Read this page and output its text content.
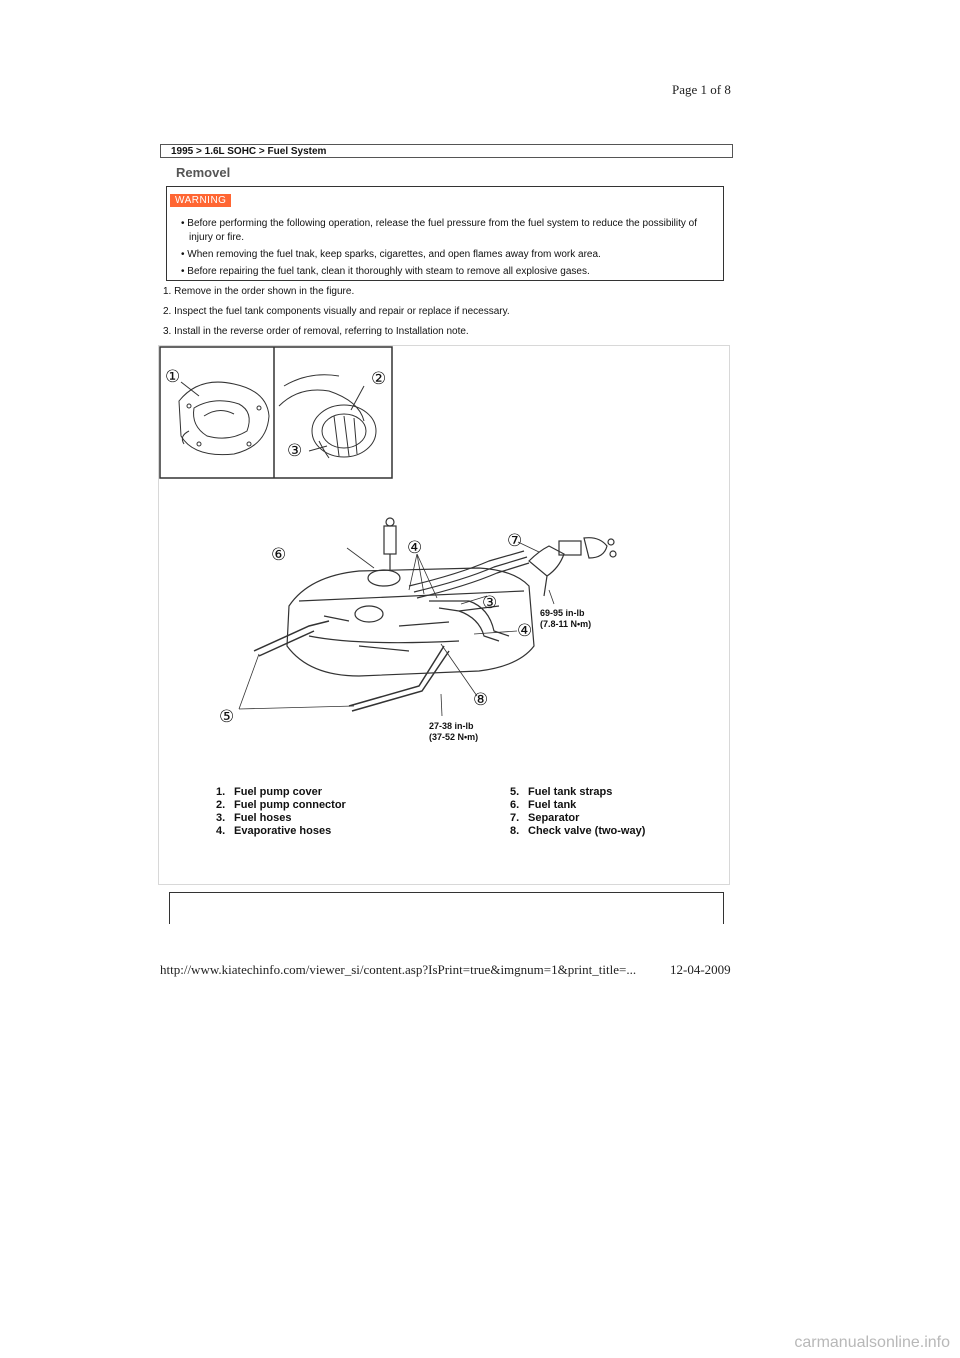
Page 1 of 8
1995 > 1.6L SOHC > Fuel System
Removel
WARNING
• Before performing the following operation, release the fuel pressure from the fuel system to reduce the possibility of injury or fire.
• When removing the fuel tnak, keep sparks, cigarettes, and open flames away from work area.
• Before repairing the fuel tank, clean it thoroughly with steam to remove all explosive gases.
1. Remove in the order shown in the figure.
2. Inspect the fuel tank components visually and repair or replace if necessary.
3. Install in the reverse order of removal, referring to Installation note.
①	②
③
⑥	④	⑦
③
④
⑧
⑤
69-95 in-lb
(7.8-11 N•m)
27-38 in-lb
(37-52 N•m)
1. Fuel pump cover
2. Fuel pump connector
3. Fuel hoses
4. Evaporative hoses
5. Fuel tank straps
6. Fuel tank
7. Separator
8. Check valve (two-way)
http://www.kiatechinfo.com/viewer_si/content.asp?IsPrint=true&imgnum=1&print_title=...	12-04-2009
carmanualsonline.info
